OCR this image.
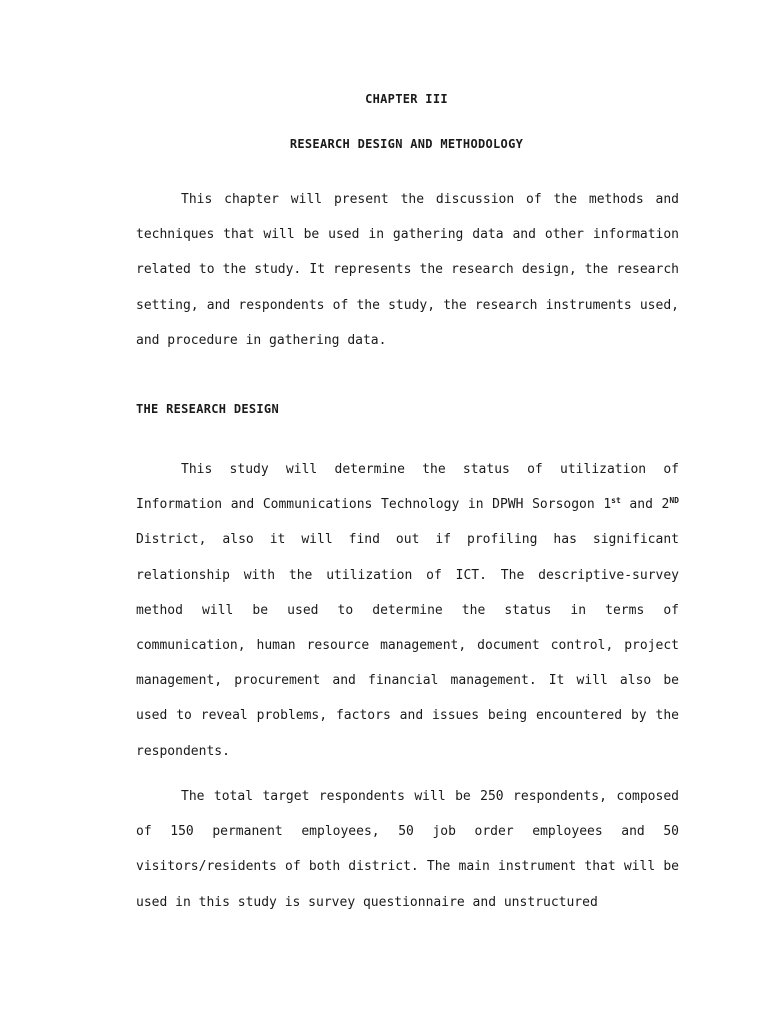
CHAPTER III
RESEARCH DESIGN AND METHODOLOGY

This chapter will present the discussion of the methods and techniques that will be used in gathering data and other information related to the study. It represents the research design, the research setting, and respondents of the study, the research instruments used, and procedure in gathering data.

THE RESEARCH DESIGN

This study will determine the status of utilization of Information and Communications Technology in DPWH Sorsogon 1st and 2ND District, also it will find out if profiling has significant relationship with the utilization of ICT. The descriptive-survey method will be used to determine the status in terms of communication, human resource management, document control, project management, procurement and financial management. It will also be used to reveal problems, factors and issues being encountered by the respondents.

The total target respondents will be 250 respondents, composed of 150 permanent employees, 50 job order employees and 50 visitors/residents of both district. The main instrument that will be used in this study is survey questionnaire and unstructured
